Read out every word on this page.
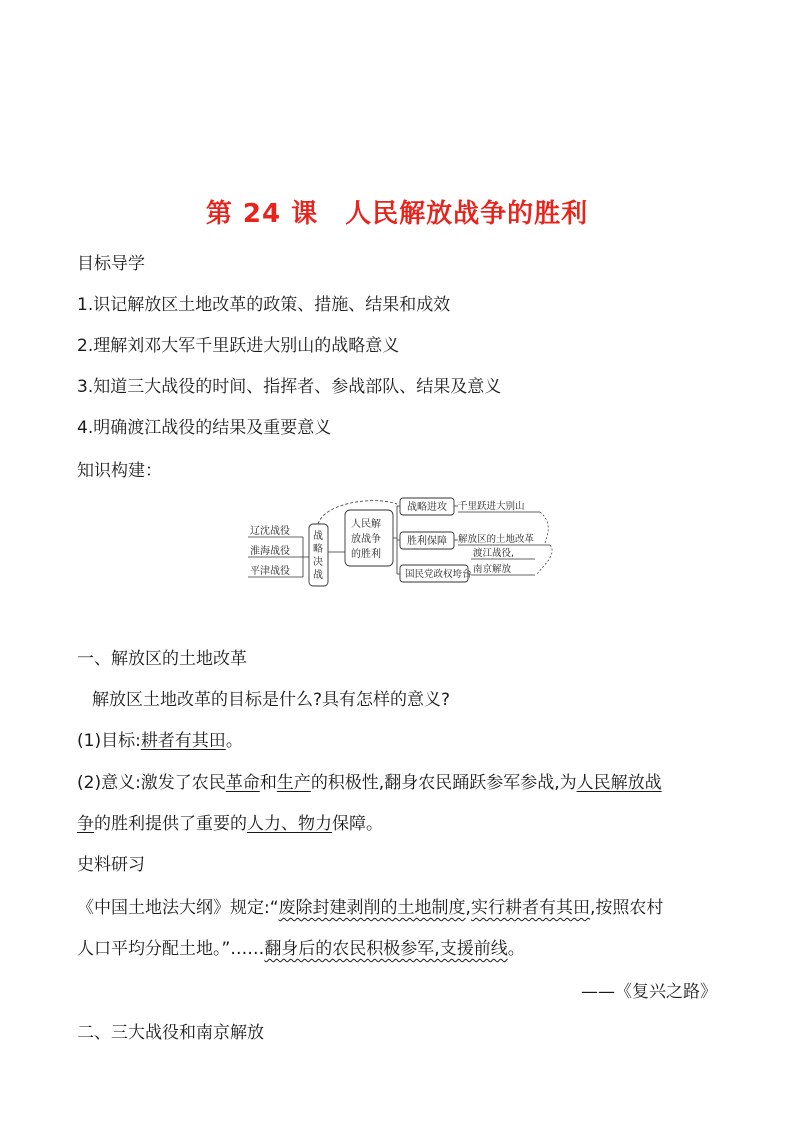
第 24 课　人民解放战争的胜利
目标导学
1.识记解放区土地改革的政策、措施、结果和成效
2.理解刘邓大军千里跃进大别山的战略意义
3.知道三大战役的时间、指挥者、参战部队、结果及意义
4.明确渡江战役的结果及重要意义
知识构建：
辽沈战役
淮海战役
平津战役
战
略
决
战
人民解
放战争
的胜利
战略进攻
胜利保障
国民党政权垮台
千里跃进大别山
解放区的土地改革
渡江战役,
南京解放
一、解放区的土地改革
解放区土地改革的目标是什么?具有怎样的意义?
(1)目标:耕者有其田。
(2)意义:激发了农民革命和生产的积极性,翻身农民踊跃参军参战,为人民解放战
争的胜利提供了重要的人力、物力保障。
史料研习
《中国土地法大纲》规定:“废除封建剥削的土地制度,实行耕者有其田,按照农村
人口平均分配土地。”……翻身后的农民积极参军,支援前线。
——《复兴之路》
二、三大战役和南京解放
